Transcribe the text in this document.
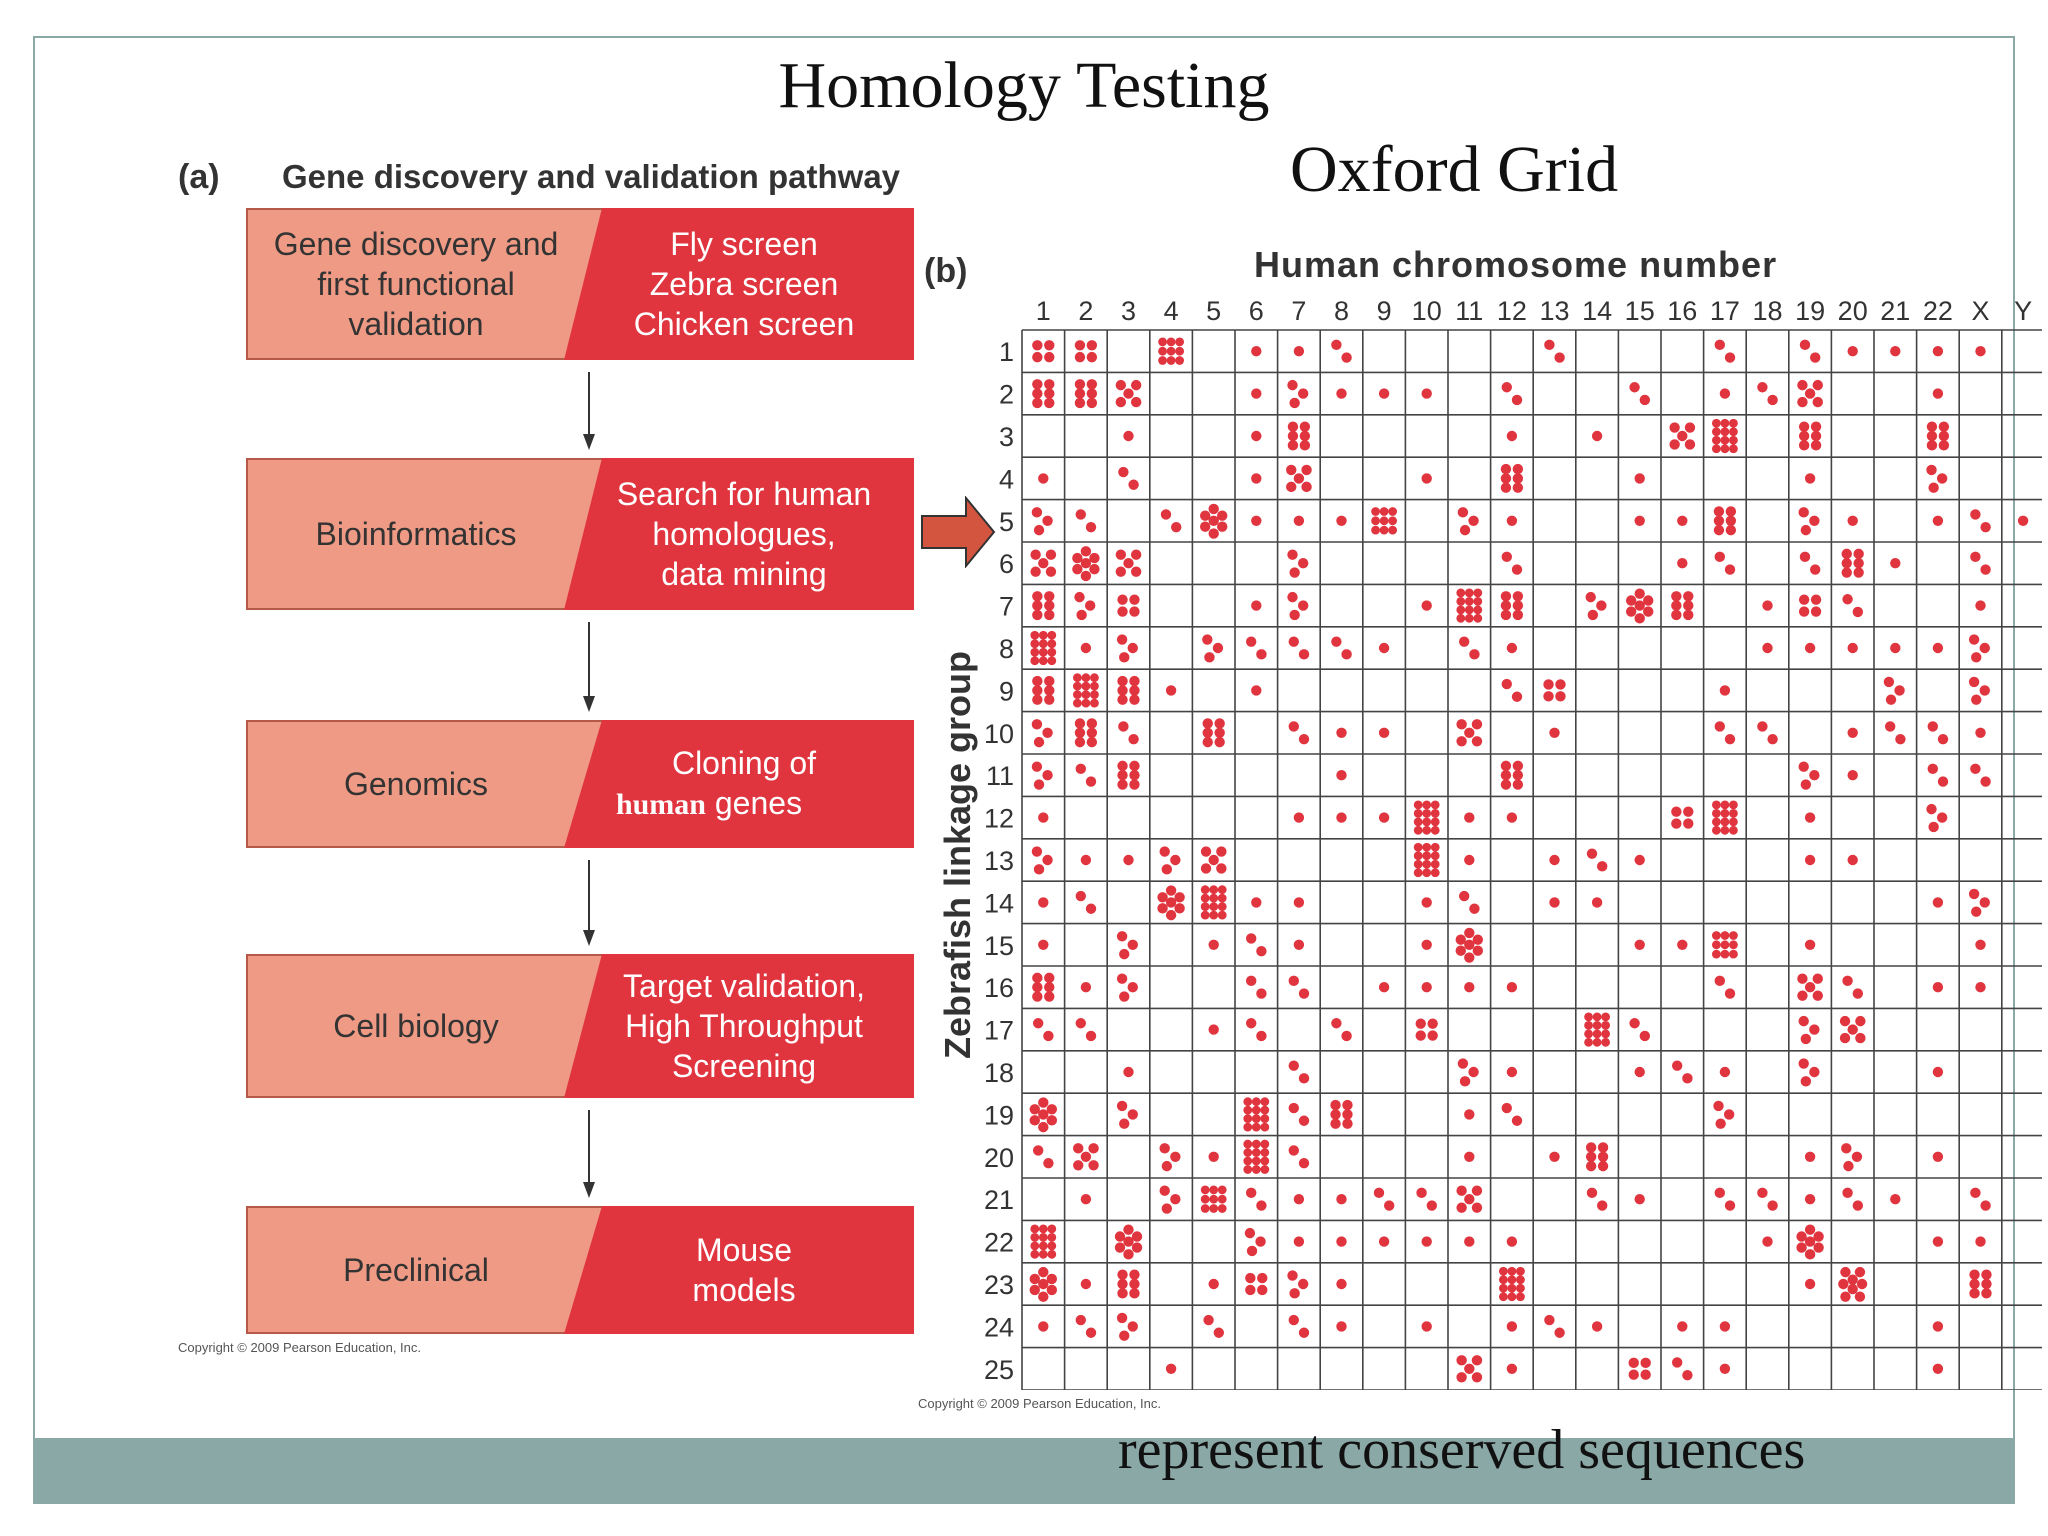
Homology Testing
Oxford Grid
(a) Gene discovery and validation pathway
Gene discovery and
first functional
validation
Fly screen
Zebra screen
Chicken screen
Bioinformatics
Search for human
homologues,
data mining
Genomics
Cloning of
human genes
Cell biology
Target validation,
High Throughput
Screening
Preclinical
Mouse
models
Copyright © 2009 Pearson Education, Inc.
(b)	Human chromosome number
Zebrafish linkage group
1 2 3 4 5 6 7 8 9 10 11 12 13 14 15 16 17 18 19 20 21 22 X Y
1
2
3
4
5
6
7
8
9
10
11
12
13
14
15
16
17
18
19
20
21
22
23
24
25
Copyright © 2009 Pearson Education, Inc.
represent conserved sequences
